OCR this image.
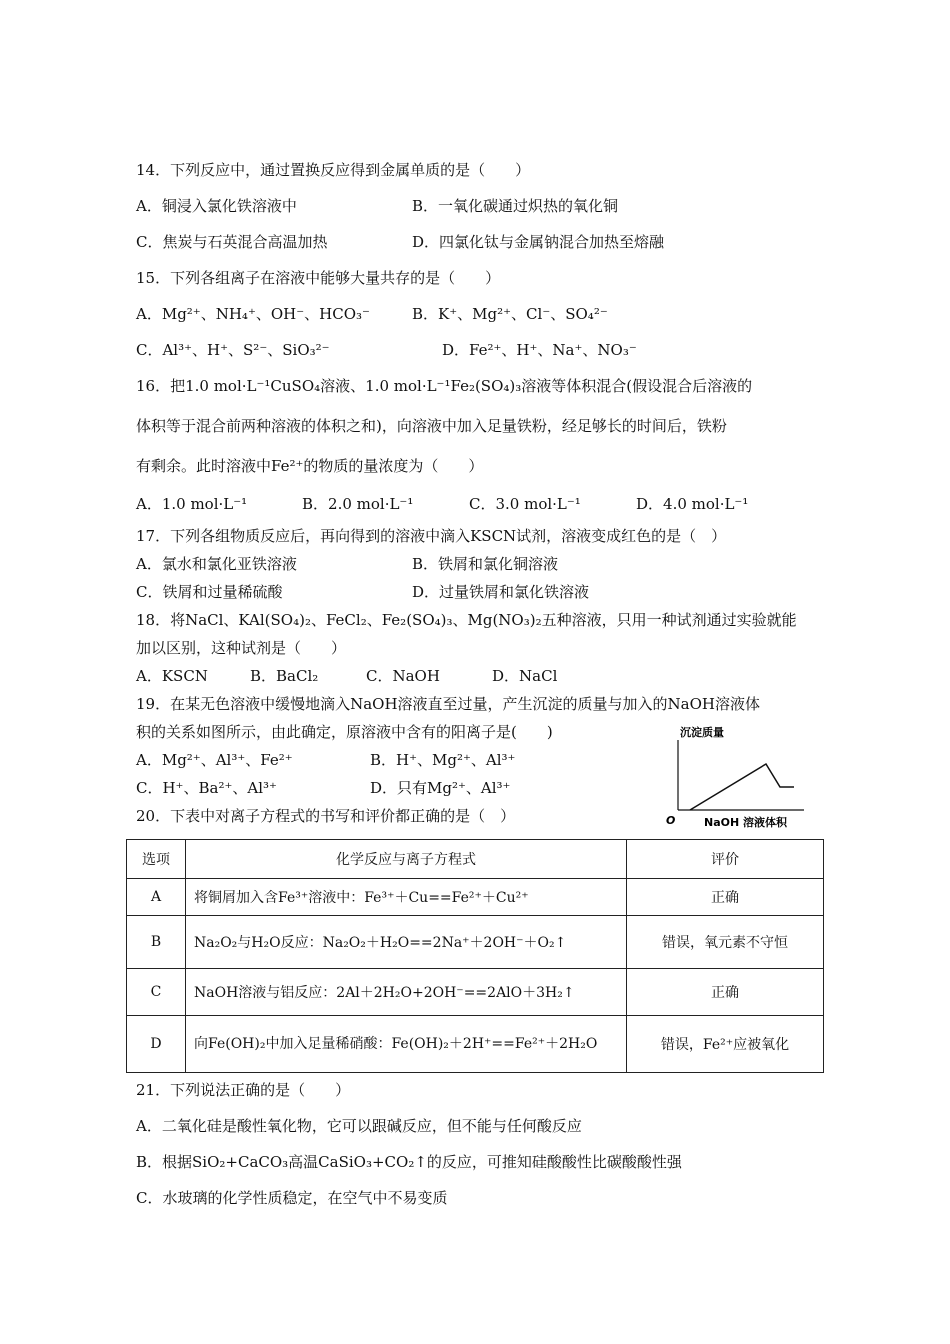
14．下列反应中，通过置换反应得到金属单质的是（　　）
A．铜浸入氯化铁溶液中	B．一氧化碳通过炽热的氧化铜
C．焦炭与石英混合高温加热	D．四氯化钛与金属钠混合加热至熔融
15．下列各组离子在溶液中能够大量共存的是（　　）
A．Mg²⁺、NH₄⁺、OH⁻、HCO₃⁻	B．K⁺、Mg²⁺、Cl⁻、SO₄²⁻
C．Al³⁺、H⁺、S²⁻、SiO₃²⁻	D．Fe²⁺、H⁺、Na⁺、NO₃⁻
16．把1.0 mol·L⁻¹CuSO₄溶液、1.0 mol·L⁻¹Fe₂(SO₄)₃溶液等体积混合(假设混合后溶液的
体积等于混合前两种溶液的体积之和)，向溶液中加入足量铁粉，经足够长的时间后，铁粉
有剩余。此时溶液中Fe²⁺的物质的量浓度为（　　）
A．1.0 mol·L⁻¹	B．2.0 mol·L⁻¹	C．3.0 mol·L⁻¹	D．4.0 mol·L⁻¹
17．下列各组物质反应后，再向得到的溶液中滴入KSCN试剂，溶液变成红色的是（　）
A．氯水和氯化亚铁溶液	B．铁屑和氯化铜溶液
C．铁屑和过量稀硫酸	D．过量铁屑和氯化铁溶液
18．将NaCl、KAl(SO₄)₂、FeCl₂、Fe₂(SO₄)₃、Mg(NO₃)₂五种溶液，只用一种试剂通过实验就能
加以区别，这种试剂是（　　）
A．KSCN	B．BaCl₂	C．NaOH	D．NaCl
19．在某无色溶液中缓慢地滴入NaOH溶液直至过量，产生沉淀的质量与加入的NaOH溶液体
积的关系如图所示，由此确定，原溶液中含有的阳离子是(　　)
A．Mg²⁺、Al³⁺、Fe²⁺	B．H⁺、Mg²⁺、Al³⁺
C．H⁺、Ba²⁺、Al³⁺	D．只有Mg²⁺、Al³⁺
沉淀质量
O	NaOH 溶液体积
20．下表中对离子方程式的书写和评价都正确的是（　）
选项	化学反应与离子方程式	评价
A	将铜屑加入含Fe³⁺溶液中：Fe³⁺＋Cu==Fe²⁺＋Cu²⁺	正确
B	Na₂O₂与H₂O反应：Na₂O₂＋H₂O==2Na⁺＋2OH⁻＋O₂↑	错误，氧元素不守恒
C	NaOH溶液与铝反应：2Al＋2H₂O+2OH⁻==2AlO＋3H₂↑	正确
D	向Fe(OH)₂中加入足量稀硝酸：Fe(OH)₂＋2H⁺==Fe²⁺＋2H₂O	错误，Fe²⁺应被氧化
21．下列说法正确的是（　　）
A．二氧化硅是酸性氧化物，它可以跟碱反应，但不能与任何酸反应
B．根据SiO₂+CaCO₃高温CaSiO₃+CO₂↑的反应，可推知硅酸酸性比碳酸酸性强
C．水玻璃的化学性质稳定，在空气中不易变质
